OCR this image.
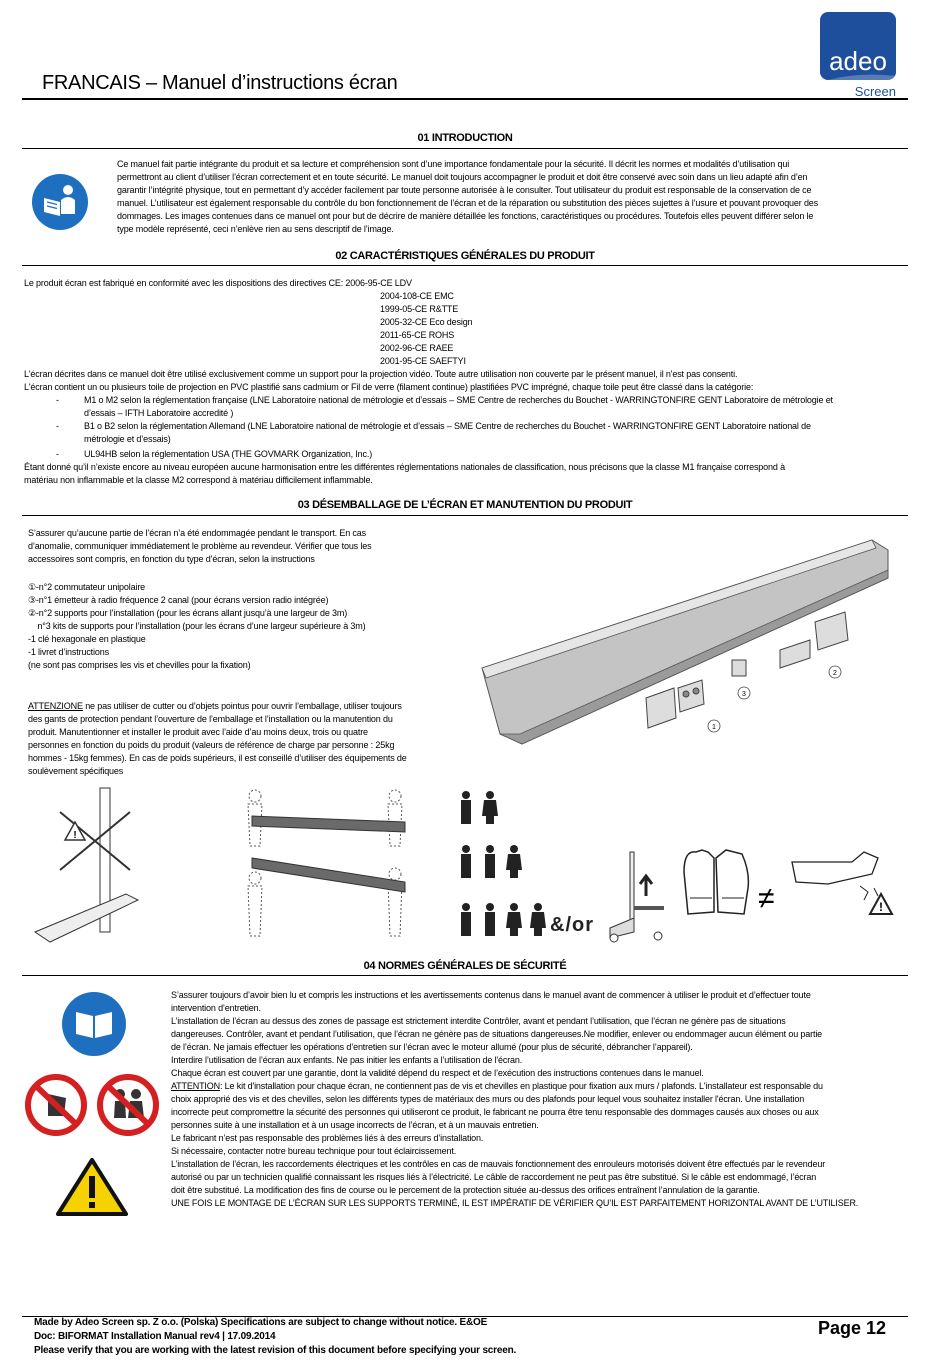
FRANCAIS – Manuel d’instructions écran
adeo
Screen
01 INTRODUCTION
Ce manuel fait partie intégrante du produit et sa lecture et compréhension sont d’une importance fondamentale pour la sécurité. Il décrit les normes et modalités d’utilisation qui
permettront au client d’utiliser l’écran correctement et en toute sécurité. Le manuel doit toujours accompagner le produit et doit être conservé avec soin dans un lieu adapté afin d’en
garantir l’intégrité physique, tout en permettant d’y accéder facilement par toute personne autorisée à le consulter. Tout utilisateur du produit est responsable de la conservation de ce
manuel. L’utilisateur est également responsable du contrôle du bon fonctionnement de l’écran et de la réparation ou substitution des pièces sujettes à l’usure et pouvant provoquer des
dommages. Les images contenues dans ce manuel ont pour but de décrire de manière détaillée les fonctions, caractéristiques ou procédures. Toutefois elles peuvent différer selon le
type modèle représenté, ceci n’enlève rien au sens descriptif de l’image.
02 CARACTÉRISTIQUES GÉNÉRALES DU PRODUIT
Le produit écran est fabriqué en conformité avec les dispositions des directives CE: 2006-95-CE LDV
2004-108-CE EMC
1999-05-CE R&TTE
2005-32-CE Eco design
2011-65-CE ROHS
2002-96-CE RAEE
2001-95-CE SAEFTYI
L'écran décrites dans ce manuel doit être utilisé exclusivement comme un support pour la projection vidéo. Toute autre utilisation non couverte par le présent manuel, il n'est pas consenti.
L'écran contient un ou plusieurs toile de projection en PVC plastifié sans cadmium or Fil de verre (filament continue) plastifiées PVC imprégné, chaque toile peut être classé dans la catégorie:
-	M1 o M2 selon la réglementation française (LNE Laboratoire national de métrologie et d’essais – SME Centre de recherches du Bouchet - WARRINGTONFIRE GENT Laboratoire de métrologie et
d’essais – IFTH Laboratoire accredité )
-	B1 o B2 selon la réglementation Allemand (LNE Laboratoire national de métrologie et d’essais – SME Centre de recherches du Bouchet - WARRINGTONFIRE GENT Laboratoire national de
métrologie et d’essais)
-	UL94HB selon la réglementation USA (THE GOVMARK Organization, Inc.)
Étant donné qu’il n’existe encore au niveau européen aucune harmonisation entre les différentes réglementations nationales de classification, nous précisons que la classe M1 française correspond à
matériau non inflammable et la classe M2 correspond à matériau difficilement inflammable.
03 DÉSEMBALLAGE DE L’ÉCRAN ET MANUTENTION DU PRODUIT
S’assurer qu’aucune partie de l’écran n’a été endommagée pendant le transport. En cas
d’anomalie, communiquer immédiatement le problème au revendeur. Vérifier que tous les
accessoires sont compris, en fonction du type d’écran, selon la instructions
①-n°2 commutateur unipolaire
③-n°1 émetteur à radio fréquence 2 canal (pour écrans version radio intégrée)
②-n°2 supports pour l’installation (pour les écrans allant jusqu’à une largeur de 3m)
n°3 kits de supports pour l’installation (pour les écrans d’une largeur supérieure à 3m)
-1 clé hexagonale en plastique
-1 livret d’instructions
(ne sont pas comprises les vis et chevilles pour la fixation)
ATTENZIONE ne pas utiliser de cutter ou d’objets pointus pour ouvrir l’emballage, utiliser toujours
des gants de protection pendant l’ouverture de l’emballage et l’installation ou la manutention du
produit. Manutentionner et installer le produit avec l’aide d’au moins deux, trois ou quatre
personnes en fonction du poids du produit (valeurs de référence de charge par personne : 25kg
hommes - 15kg femmes). En cas de poids supérieurs, il est conseillé d’utiliser des équipements de
soulèvement spécifiques
1
2
3
!
&/or
≠	!
04 NORMES GÉNÉRALES DE SÉCURITÉ
S’assurer toujours d’avoir bien lu et compris les instructions et les avertissements contenus dans le manuel avant de commencer à utiliser le produit et d’effectuer toute
intervention d’entretien.
L’installation de l’écran au dessus des zones de passage est strictement interdite Contrôler, avant et pendant l’utilisation, que l’écran ne génère pas de situations
dangereuses. Contrôler, avant et pendant l’utilisation, que l’écran ne génère pas de situations dangereuses.Ne modifier, enlever ou endommager aucun élément ou partie
de l’écran. Ne jamais effectuer les opérations d’entretien sur l’écran avec le moteur allumé (pour plus de sécurité, débrancher l’appareil).
Interdire l’utilisation de l’écran aux enfants. Ne pas initier les enfants a l’utilisation de l'écran.
Chaque écran est couvert par une garantie, dont la validité dépend du respect et de l’exécution des instructions contenues dans le manuel.
ATTENTION: Le kit d'installation pour chaque écran, ne contiennent pas de vis et chevilles en plastique pour fixation aux murs / plafonds. L'installateur est responsable du
choix approprié des vis et des chevilles, selon les différents types de matériaux des murs ou des plafonds pour lequel vous souhaitez installer l'écran. Une installation
incorrecte peut compromettre la sécurité des personnes qui utiliseront ce produit, le fabricant ne pourra être tenu responsable des dommages causés aux choses ou aux
personnes suite à une installation et à un usage incorrects de l’écran, et à un mauvais entretien.
Le fabricant n’est pas responsable des problèmes liés à des erreurs d’installation.
Si nécessaire, contacter notre bureau technique pour tout éclaircissement.
L’installation de l’écran, les raccordements électriques et les contrôles en cas de mauvais fonctionnement des enrouleurs motorisés doivent être effectués par le revendeur
autorisé ou par un technicien qualifié connaissant les risques liés à l’électricité. Le câble de raccordement ne peut pas être substitué. Si le câble est endommagé, l’écran
doit être substitué. La modification des fins de course ou le percement de la protection située au-dessus des orifices entraînent l’annulation de la garantie.
UNE FOIS LE MONTAGE DE L’ÉCRAN SUR LES SUPPORTS TERMINÉ, IL EST IMPÉRATIF DE VÉRIFIER QU’IL EST PARFAITEMENT HORIZONTAL AVANT DE L’UTILISER.
Made by Adeo Screen sp. Z o.o. (Polska) Specifications are subject to change without notice. E&OE
Doc: BIFORMAT Installation Manual rev4 | 17.09.2014
Please verify that you are working with the latest revision of this document before specifying your screen.
Page 12
